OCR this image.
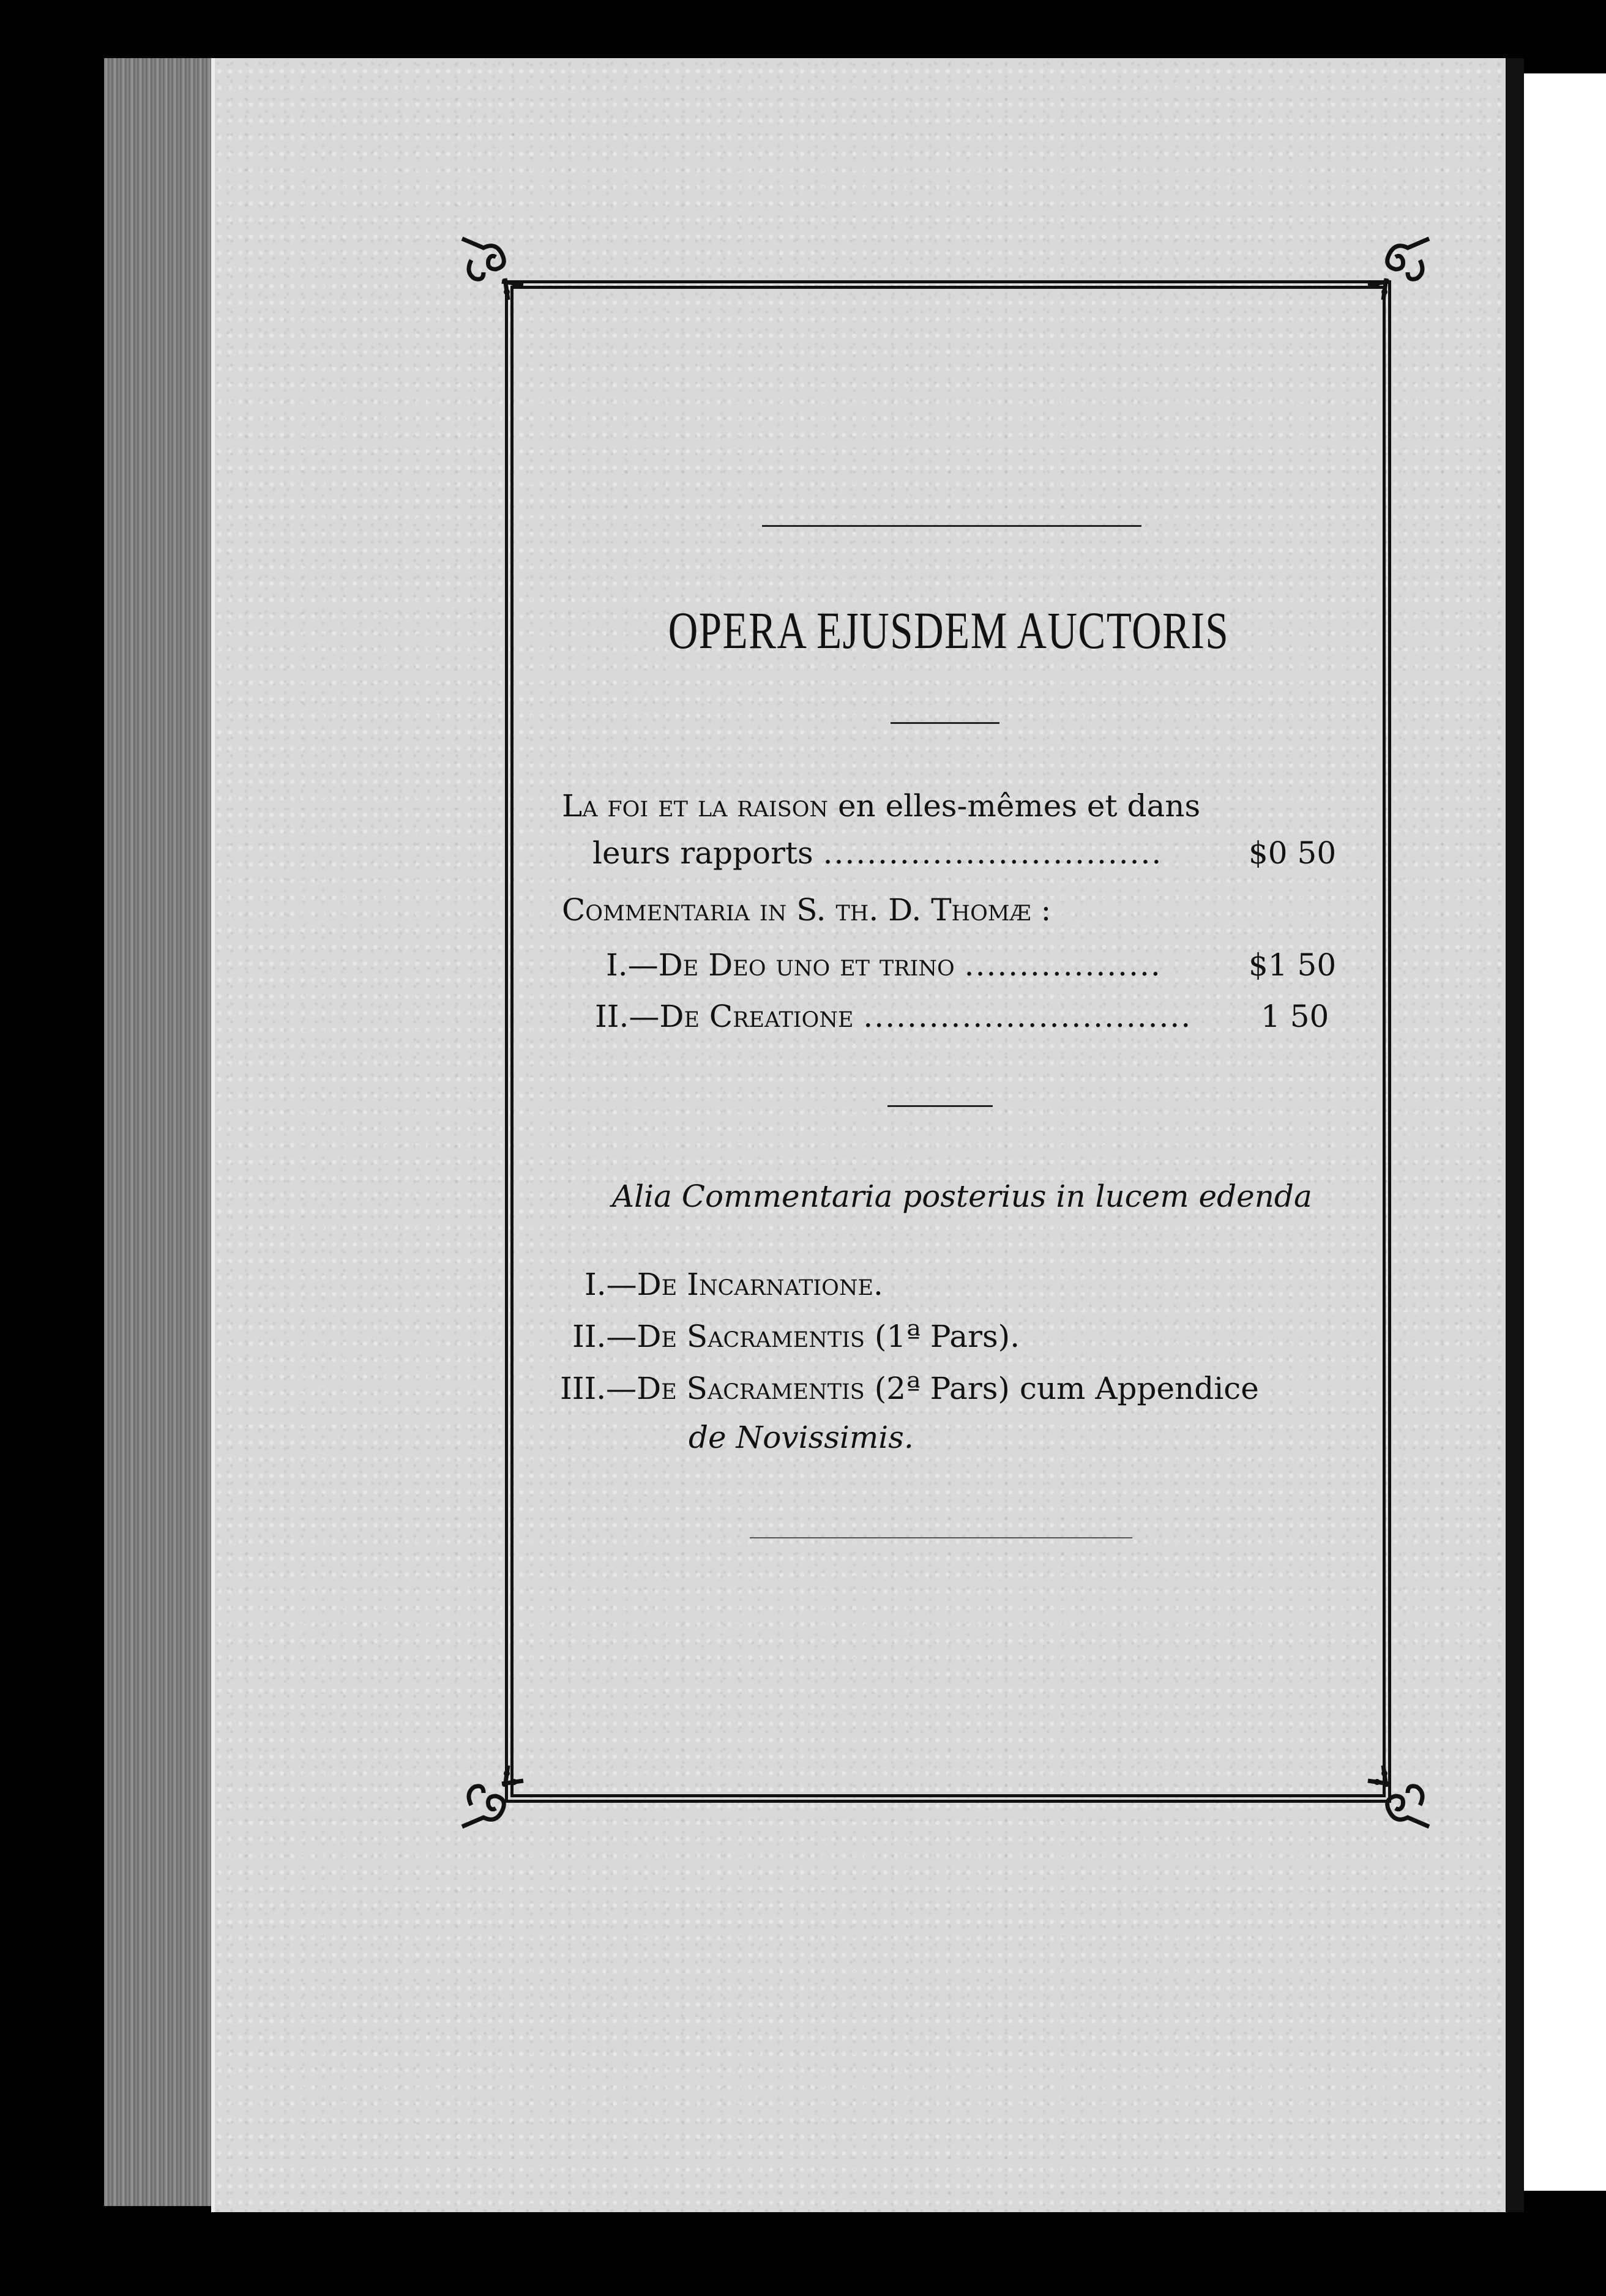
OPERA EJUSDEM AUCTORIS
La foi et la raison en elles-mêmes et dans
leurs rapports ...............................	$0 50
Commentaria in S. th. D. Thomæ :
I.—De Deo uno et trino ..................	$1 50
II.—De Creatione .............................. 1 50
Alia Commentaria posterius in lucem edenda
I.—De Incarnatione.
II.—De Sacramentis (1ª Pars).
III.—De Sacramentis (2ª Pars) cum Appendice
de Novissimis.
